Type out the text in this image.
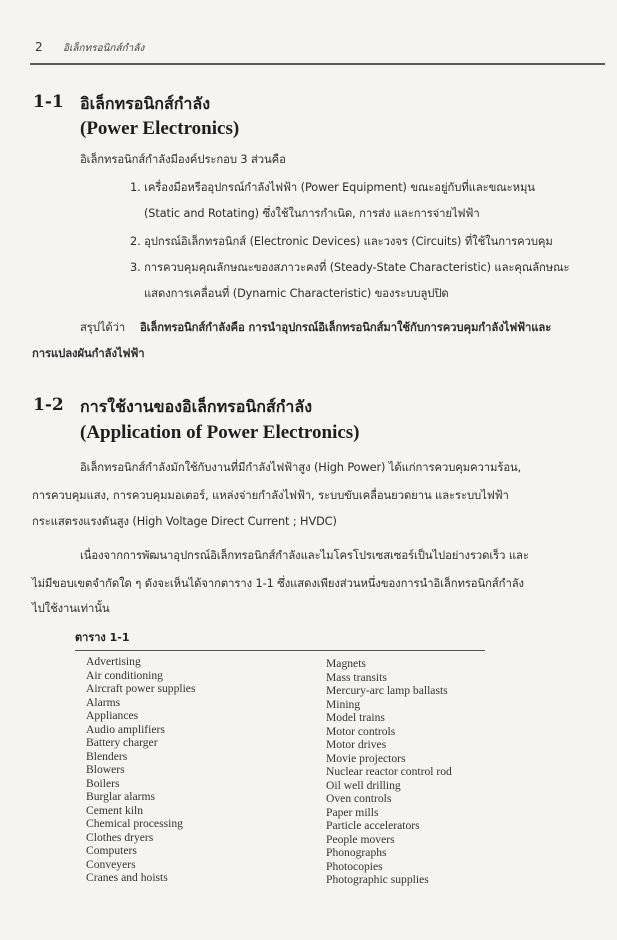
2 อิเล็กทรอนิกส์กำลัง
1-1 อิเล็กทรอนิกส์กำลัง
(Power Electronics)
อิเล็กทรอนิกส์กำลังมีองค์ประกอบ 3 ส่วนคือ
1. เครื่องมือหรืออุปกรณ์กำลังไฟฟ้า (Power Equipment) ขณะอยู่กับที่และขณะหมุน
(Static and Rotating) ซึ่งใช้ในการกำเนิด, การส่ง และการจ่ายไฟฟ้า
2. อุปกรณ์อิเล็กทรอนิกส์ (Electronic Devices) และวงจร (Circuits) ที่ใช้ในการควบคุม
3. การควบคุมคุณลักษณะของสภาวะคงที่ (Steady-State Characteristic) และคุณลักษณะ
แสดงการเคลื่อนที่ (Dynamic Characteristic) ของระบบลูปปิด
สรุปได้ว่า อิเล็กทรอนิกส์กำลังคือ การนำอุปกรณ์อิเล็กทรอนิกส์มาใช้กับการควบคุมกำลังไฟฟ้าและ
การแปลงผันกำลังไฟฟ้า
1-2 การใช้งานของอิเล็กทรอนิกส์กำลัง
(Application of Power Electronics)
อิเล็กทรอนิกส์กำลังมักใช้กับงานที่มีกำลังไฟฟ้าสูง (High Power) ได้แก่การควบคุมความร้อน,
การควบคุมแสง, การควบคุมมอเตอร์, แหล่งจ่ายกำลังไฟฟ้า, ระบบขับเคลื่อนยวดยาน และระบบไฟฟ้า
กระแสตรงแรงดันสูง (High Voltage Direct Current ; HVDC)
เนื่องจากการพัฒนาอุปกรณ์อิเล็กทรอนิกส์กำลังและไมโครโปรเซสเซอร์เป็นไปอย่างรวดเร็ว และ
ไม่มีขอบเขตจำกัดใด ๆ ดังจะเห็นได้จากตาราง 1-1 ซึ่งแสดงเพียงส่วนหนึ่งของการนำอิเล็กทรอนิกส์กำลัง
ไปใช้งานเท่านั้น
ตาราง 1-1
Advertising
Air conditioning
Aircraft power supplies
Alarms
Appliances
Audio amplifiers
Battery charger
Blenders
Blowers
Boilers
Burglar alarms
Cement kiln
Chemical processing
Clothes dryers
Computers
Conveyers
Cranes and hoists
Magnets
Mass transits
Mercury-arc lamp ballasts
Mining
Model trains
Motor controls
Motor drives
Movie projectors
Nuclear reactor control rod
Oil well drilling
Oven controls
Paper mills
Particle accelerators
People movers
Phonographs
Photocopies
Photographic supplies
